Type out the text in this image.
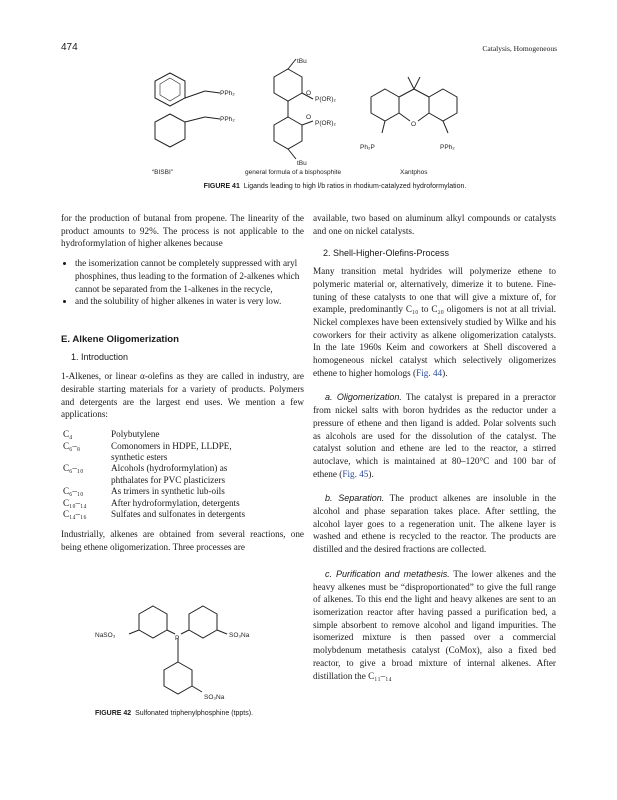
474	Catalysis, Homogeneous
PPh₂
PPh₂
tBu
O
P(OR)₂
O
P(OR)₂
tBu
O
Ph₂P	PPh₂
“BISBI”	general formula of a bisphosphite	Xantphos
FIGURE 41 Ligands leading to high l/b ratios in rhodium-catalyzed hydroformylation.

for the production of butanal from propene. The linearity of the product amounts to 92%. The process is not applicable to the hydroformylation of higher alkenes because

• the isomerization cannot be completely suppressed with aryl phosphines, thus leading to the formation of 2-alkenes which cannot be separated from the 1-alkenes in the recycle,
• and the solubility of higher alkenes in water is very low.

E. Alkene Oligomerization

1. Introduction

1-Alkenes, or linear α-olefins as they are called in industry, are desirable starting materials for a variety of products. Polymers and detergents are the largest end uses. We mention a few applications:

C₄	Polybutylene
C₆–₈	Comonomers in HDPE, LLDPE,
	synthetic esters
C₆–₁₀	Alcohols (hydroformylation) as
	phthalates for PVC plasticizers
C₆–₁₀	As trimers in synthetic lub-oils
C₁₀–₁₄	After hydroformylation, detergents
C₁₄–₁₆	Sulfates and sulfonates in detergents

Industrially, alkenes are obtained from several reactions, one being ethene oligomerization. Three processes are

NaSO₃	P	SO₃Na
SO₃Na
FIGURE 42 Sulfonated triphenylphosphine (tppts).

available, two based on aluminum alkyl compounds or catalysts and one on nickel catalysts.

2. Shell-Higher-Olefins-Process

Many transition metal hydrides will polymerize ethene to polymeric material or, alternatively, dimerize it to butene. Fine-tuning of these catalysts to one that will give a mixture of, for example, predominantly C₁₀ to C₂₀ oligomers is not at all trivial. Nickel complexes have been extensively studied by Wilke and his coworkers for their activity as alkene oligomerization catalysts. In the late 1960s Keim and coworkers at Shell discovered a homogeneous nickel catalyst which selectively oligomerizes ethene to higher homologs (Fig. 44).

a. Oligomerization. The catalyst is prepared in a preractor from nickel salts with boron hydrides as the reductor under a pressure of ethene and then ligand is added. Polar solvents such as alcohols are used for the dissolution of the catalyst. The catalyst solution and ethene are led to the reactor, a stirred autoclave, which is maintained at 80–120°C and 100 bar of ethene (Fig. 45).

b. Separation. The product alkenes are insoluble in the alcohol and phase separation takes place. After settling, the alcohol layer goes to a regeneration unit. The alkene layer is washed and ethene is recycled to the reactor. The products are distilled and the desired fractions are collected.

c. Purification and metathesis. The lower alkenes and the heavy alkenes must be “disproportionated” to give the full range of alkenes. To this end the light and heavy alkenes are sent to an isomerization reactor after having passed a purification bed, a simple absorbent to remove alcohol and ligand impurities. The isomerized mixture is then passed over a commercial molybdenum metathesis catalyst (CoMox), also a fixed bed reactor, to give a broad mixture of internal alkenes. After distillation the C₁₁–₁₄
